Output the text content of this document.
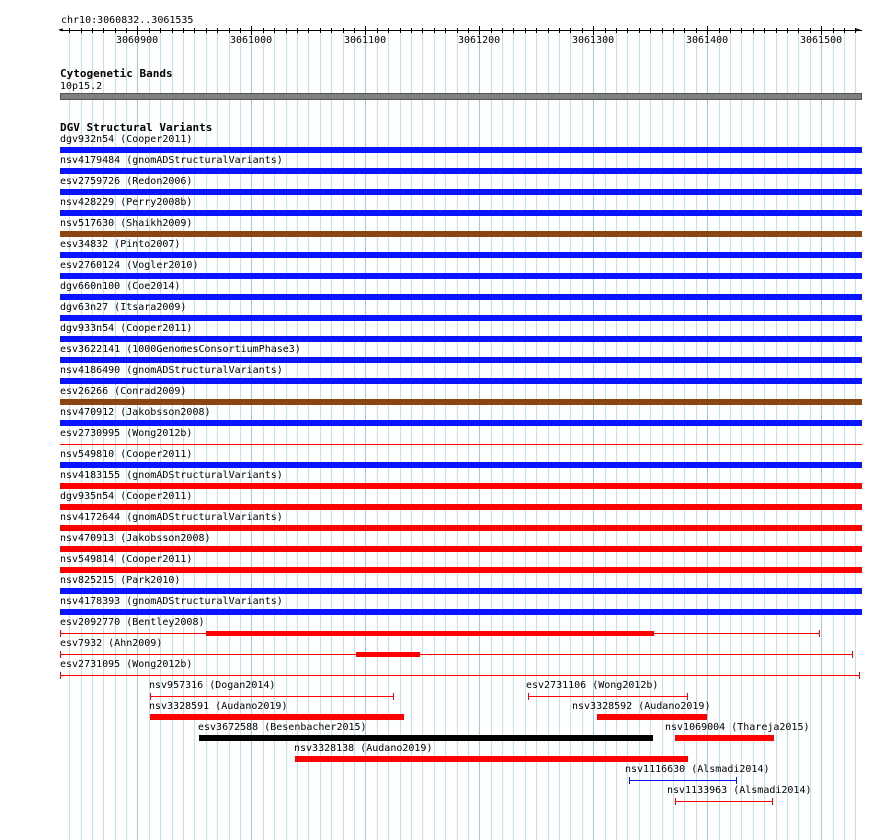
chr10:3060832..3061535
◄	►
3060900	3061000	3061100	3061200	3061300	3061400	3061500
Cytogenetic Bands
10p15.2
DGV Structural Variants
dgv932n54 (Cooper2011)
nsv4179484 (gnomADStructuralVariants)
esv2759726 (Redon2006)
nsv428229 (Perry2008b)
nsv517630 (Shaikh2009)
esv34832 (Pinto2007)
esv2760124 (Vogler2010)
dgv660n100 (Coe2014)
dgv63n27 (Itsara2009)
dgv933n54 (Cooper2011)
esv3622141 (1000GenomesConsortiumPhase3)
nsv4186490 (gnomADStructuralVariants)
esv26266 (Conrad2009)
nsv470912 (Jakobsson2008)
esv2730995 (Wong2012b)
nsv549810 (Cooper2011)
nsv4183155 (gnomADStructuralVariants)
dgv935n54 (Cooper2011)
nsv4172644 (gnomADStructuralVariants)
nsv470913 (Jakobsson2008)
nsv549814 (Cooper2011)
nsv825215 (Park2010)
nsv4178393 (gnomADStructuralVariants)
esv2092770 (Bentley2008)
esv7932 (Ahn2009)
esv2731095 (Wong2012b)
nsv957316 (Dogan2014)	esv2731106 (Wong2012b)
nsv3328591 (Audano2019)	nsv3328592 (Audano2019)
esv3672588 (Besenbacher2015)	nsv1069004 (Thareja2015)
nsv3328138 (Audano2019)
nsv1116630 (Alsmadi2014)
nsv1133963 (Alsmadi2014)
